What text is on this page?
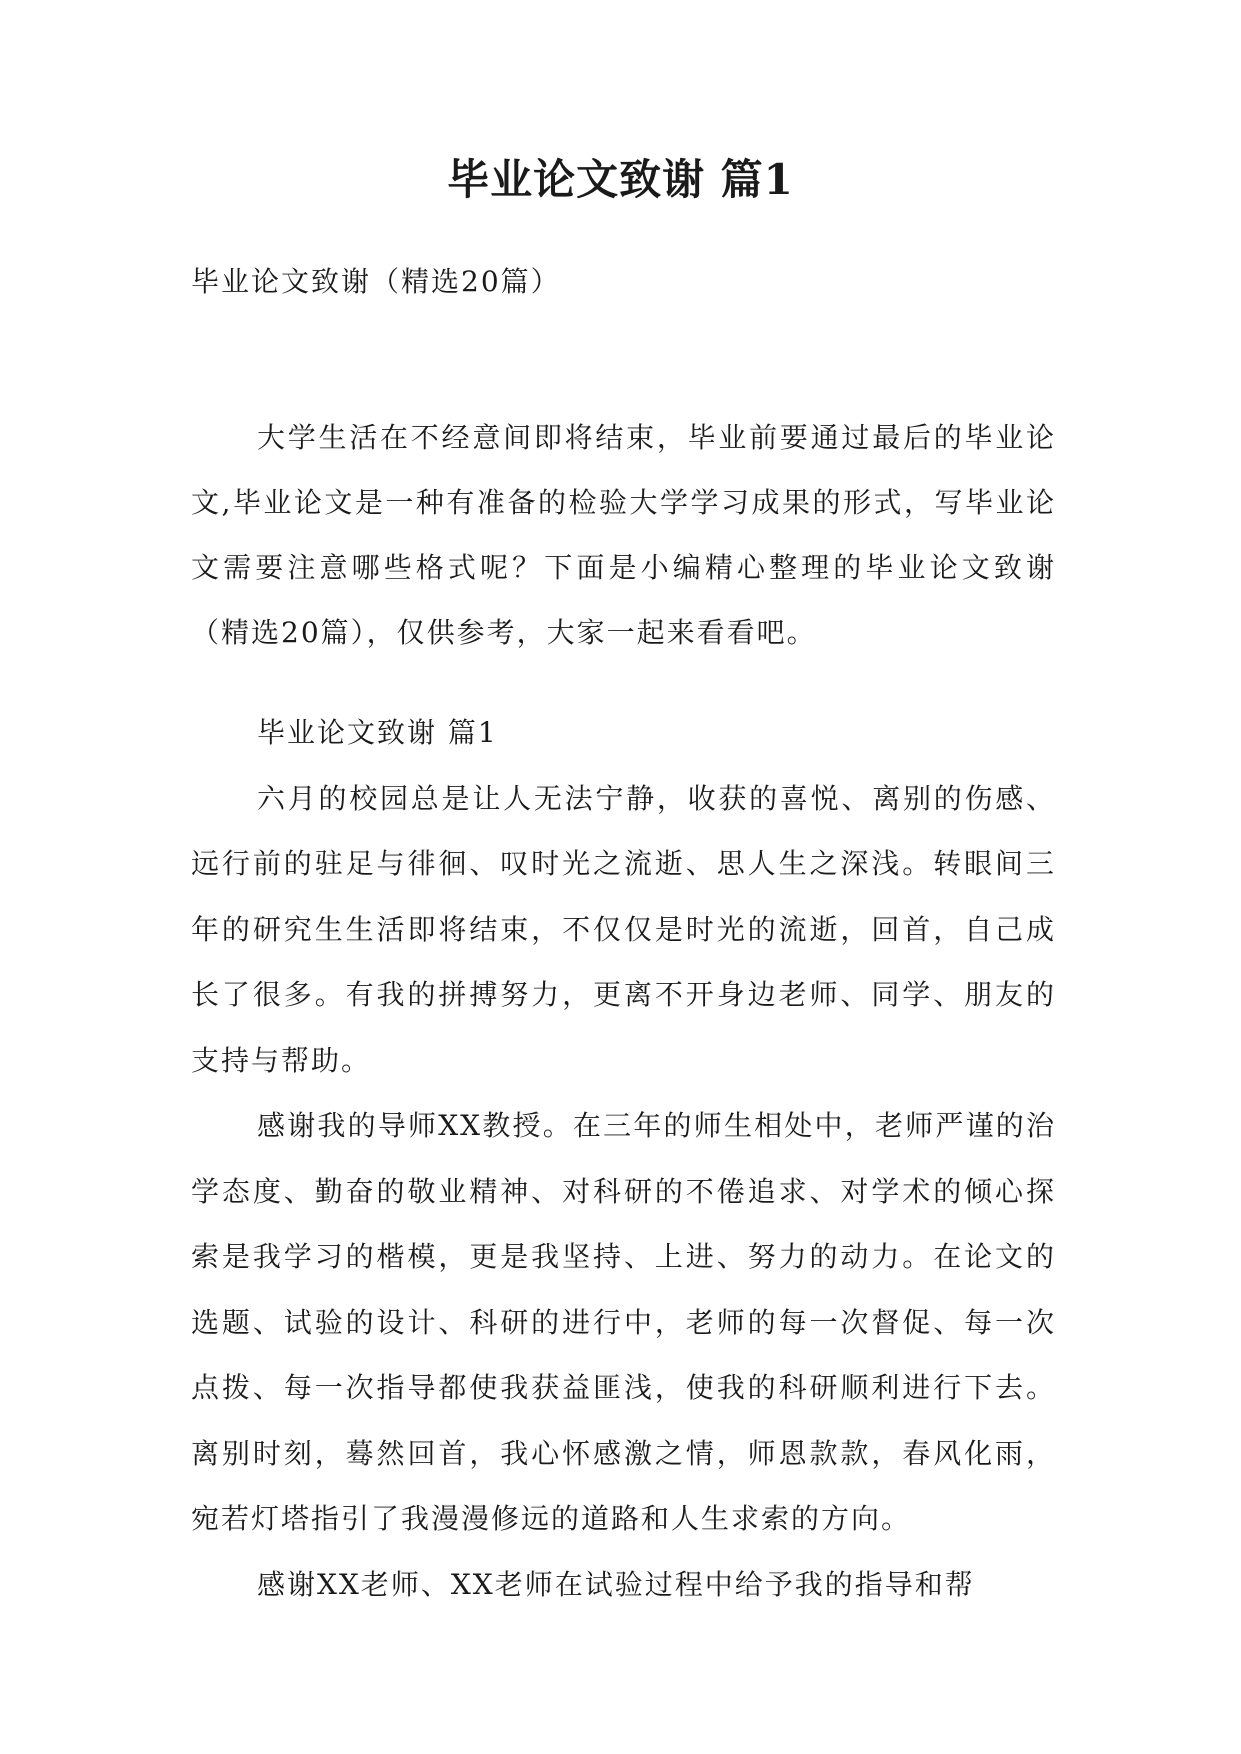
毕业论文致谢 篇1

毕业论文致谢（精选20篇）

大学生活在不经意间即将结束，毕业前要通过最后的毕业论文,毕业论文是一种有准备的检验大学学习成果的形式，写毕业论文需要注意哪些格式呢？下面是小编精心整理的毕业论文致谢（精选20篇），仅供参考，大家一起来看看吧。

毕业论文致谢 篇1

六月的校园总是让人无法宁静，收获的喜悦、离别的伤感、远行前的驻足与徘徊、叹时光之流逝、思人生之深浅。转眼间三年的研究生生活即将结束，不仅仅是时光的流逝，回首，自己成长了很多。有我的拼搏努力，更离不开身边老师、同学、朋友的支持与帮助。

感谢我的导师XX教授。在三年的师生相处中，老师严谨的治学态度、勤奋的敬业精神、对科研的不倦追求、对学术的倾心探索是我学习的楷模，更是我坚持、上进、努力的动力。在论文的选题、试验的设计、科研的进行中，老师的每一次督促、每一次点拨、每一次指导都使我获益匪浅，使我的科研顺利进行下去。离别时刻，蓦然回首，我心怀感激之情，师恩款款，春风化雨，宛若灯塔指引了我漫漫修远的道路和人生求索的方向。

感谢XX老师、XX老师在试验过程中给予我的指导和帮
